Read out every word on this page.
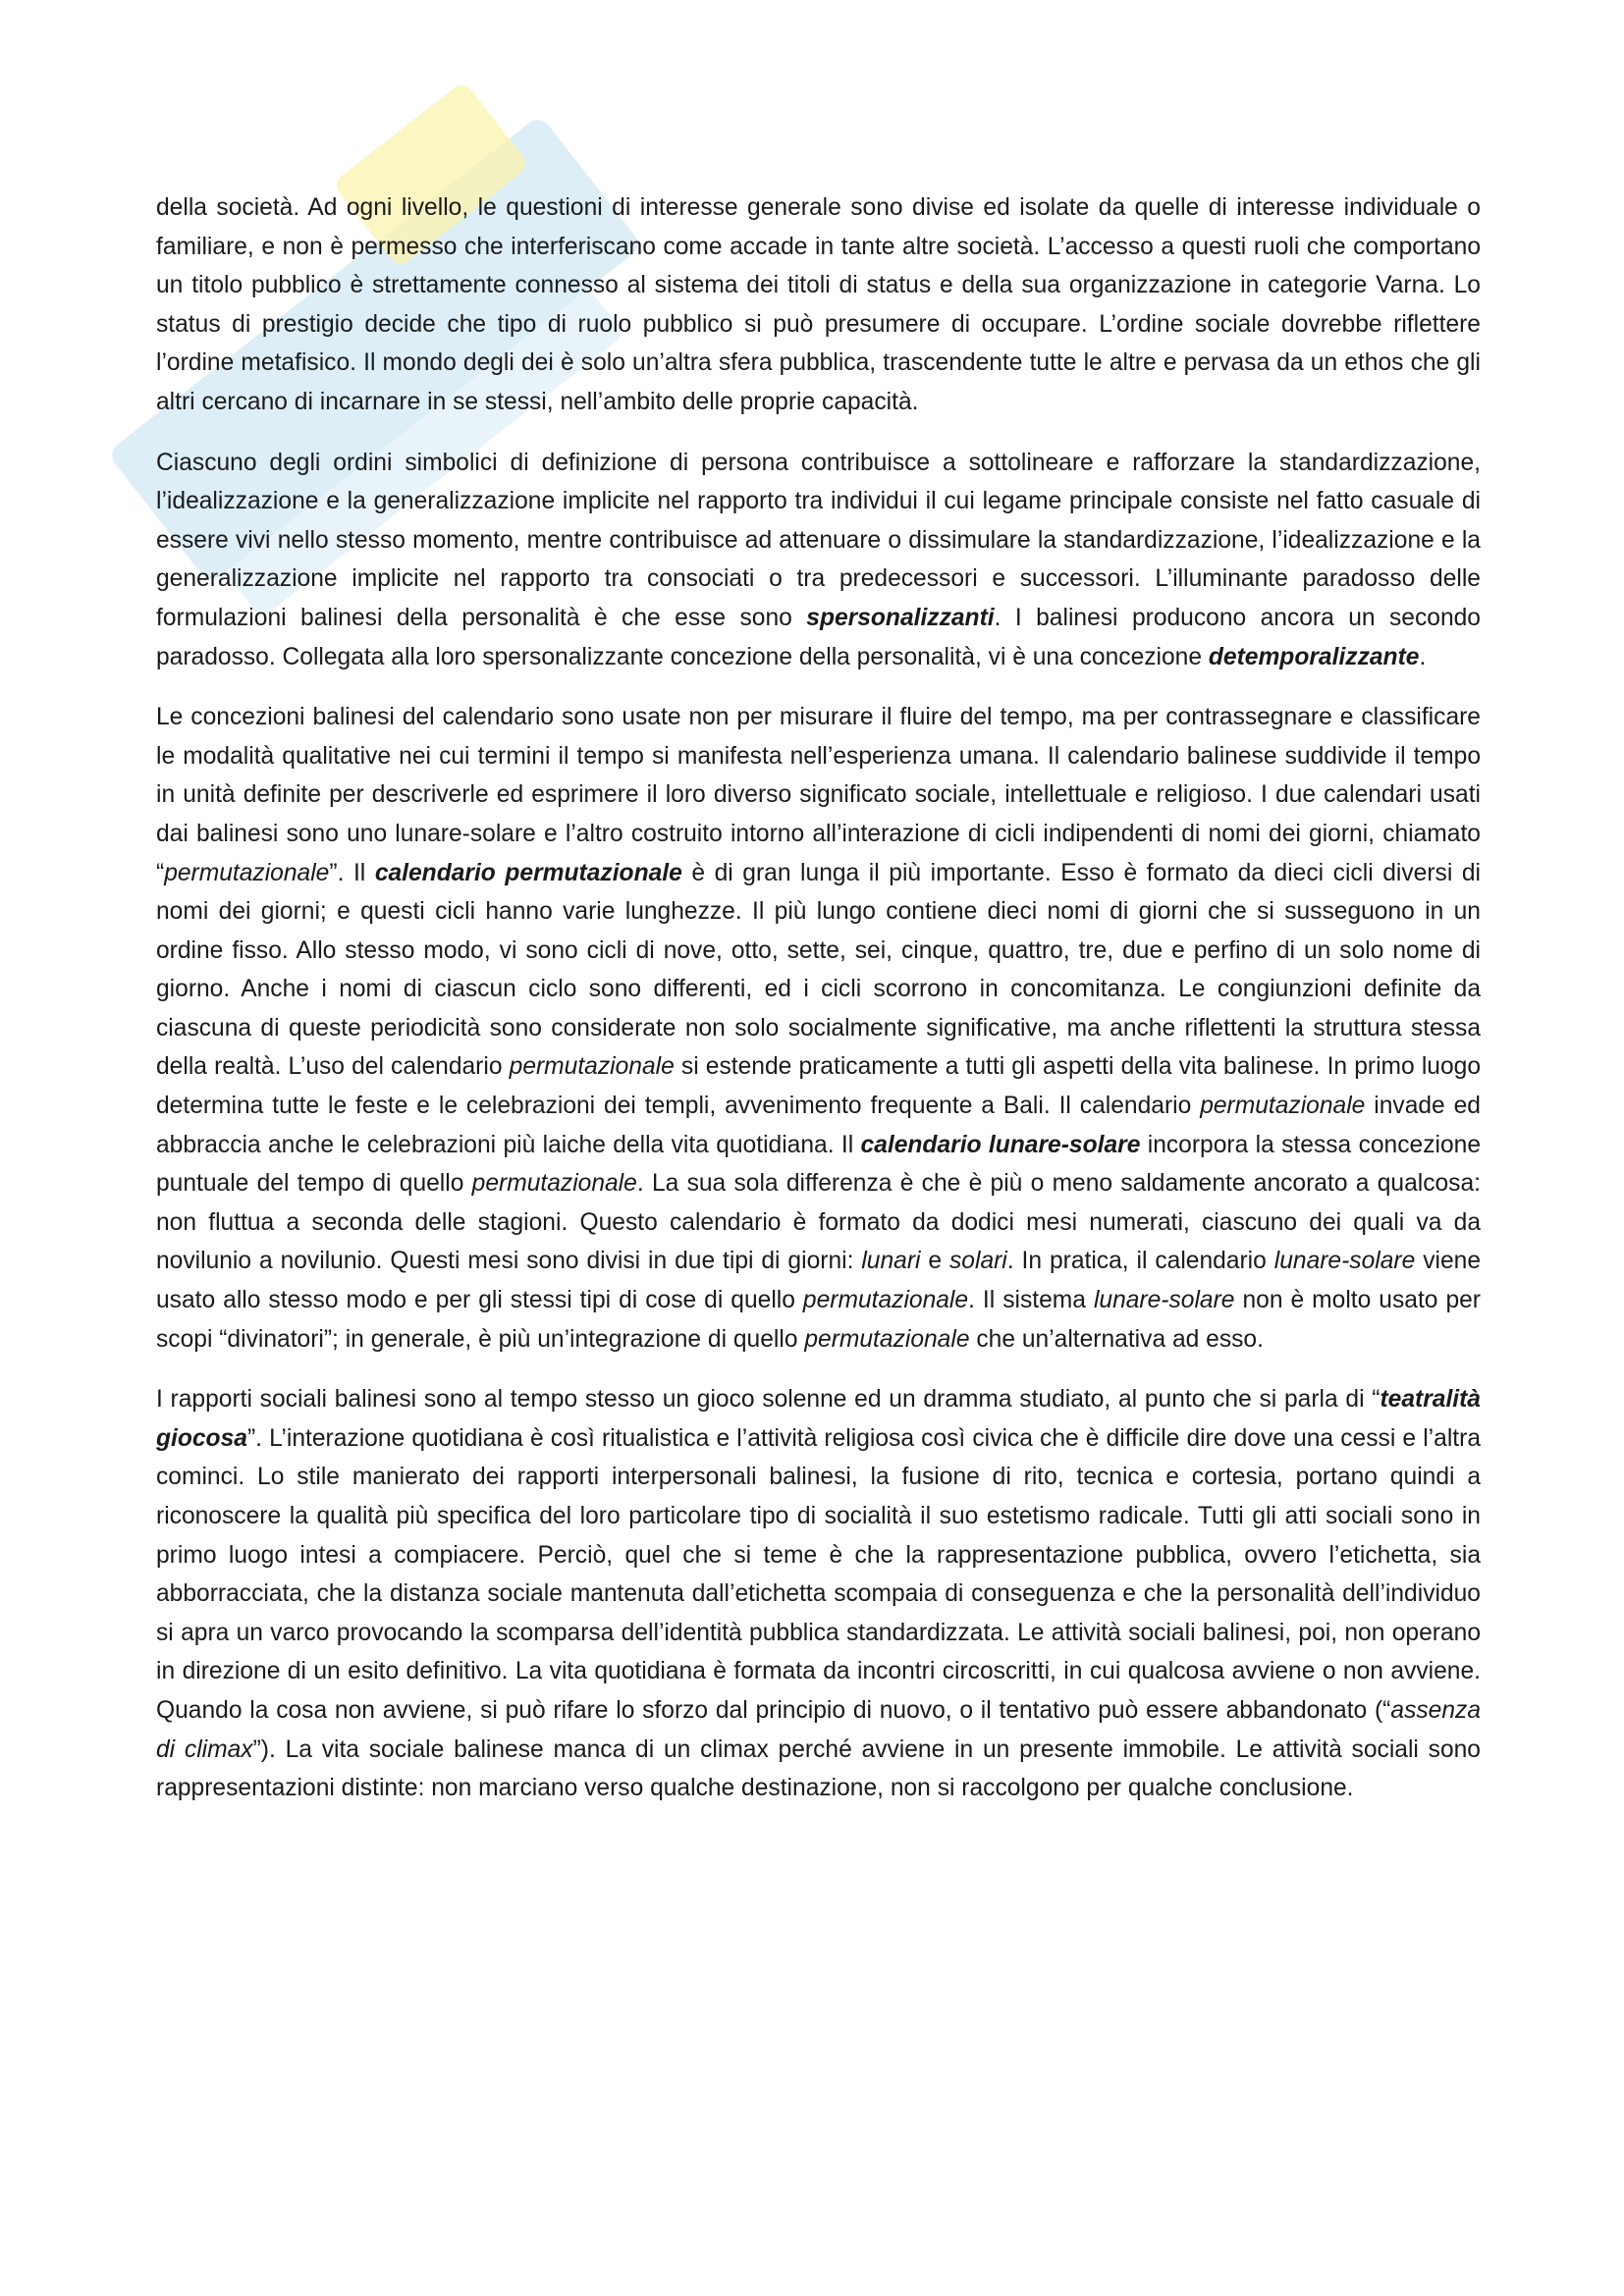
della società. Ad ogni livello, le questioni di interesse generale sono divise ed isolate da quelle di interesse individuale o familiare, e non è permesso che interferiscano come accade in tante altre società. L’accesso a questi ruoli che comportano un titolo pubblico è strettamente connesso al sistema dei titoli di status e della sua organizzazione in categorie Varna. Lo status di prestigio decide che tipo di ruolo pubblico si può presumere di occupare. L’ordine sociale dovrebbe riflettere l’ordine metafisico. Il mondo degli dei è solo un’altra sfera pubblica, trascendente tutte le altre e pervasa da un ethos che gli altri cercano di incarnare in se stessi, nell’ambito delle proprie capacità.

Ciascuno degli ordini simbolici di definizione di persona contribuisce a sottolineare e rafforzare la standardizzazione, l’idealizzazione e la generalizzazione implicite nel rapporto tra individui il cui legame principale consiste nel fatto casuale di essere vivi nello stesso momento, mentre contribuisce ad attenuare o dissimulare la standardizzazione, l’idealizzazione e la generalizzazione implicite nel rapporto tra consociati o tra predecessori e successori. L’illuminante paradosso delle formulazioni balinesi della personalità è che esse sono spersonalizzanti. I balinesi producono ancora un secondo paradosso. Collegata alla loro spersonalizzante concezione della personalità, vi è una concezione detemporalizzante.

Le concezioni balinesi del calendario sono usate non per misurare il fluire del tempo, ma per contrassegnare e classificare le modalità qualitative nei cui termini il tempo si manifesta nell’esperienza umana. Il calendario balinese suddivide il tempo in unità definite per descriverle ed esprimere il loro diverso significato sociale, intellettuale e religioso. I due calendari usati dai balinesi sono uno lunare-solare e l’altro costruito intorno all’interazione di cicli indipendenti di nomi dei giorni, chiamato “permutazionale”. Il calendario permutazionale è di gran lunga il più importante. Esso è formato da dieci cicli diversi di nomi dei giorni; e questi cicli hanno varie lunghezze. Il più lungo contiene dieci nomi di giorni che si susseguono in un ordine fisso. Allo stesso modo, vi sono cicli di nove, otto, sette, sei, cinque, quattro, tre, due e perfino di un solo nome di giorno. Anche i nomi di ciascun ciclo sono differenti, ed i cicli scorrono in concomitanza. Le congiunzioni definite da ciascuna di queste periodicità sono considerate non solo socialmente significative, ma anche riflettenti la struttura stessa della realtà. L’uso del calendario permutazionale si estende praticamente a tutti gli aspetti della vita balinese. In primo luogo determina tutte le feste e le celebrazioni dei templi, avvenimento frequente a Bali. Il calendario permutazionale invade ed abbraccia anche le celebrazioni più laiche della vita quotidiana. Il calendario lunare-solare incorpora la stessa concezione puntuale del tempo di quello permutazionale. La sua sola differenza è che è più o meno saldamente ancorato a qualcosa: non fluttua a seconda delle stagioni. Questo calendario è formato da dodici mesi numerati, ciascuno dei quali va da novilunio a novilunio. Questi mesi sono divisi in due tipi di giorni: lunari e solari. In pratica, il calendario lunare-solare viene usato allo stesso modo e per gli stessi tipi di cose di quello permutazionale. Il sistema lunare-solare non è molto usato per scopi “divinatori”; in generale, è più un’integrazione di quello permutazionale che un’alternativa ad esso.

I rapporti sociali balinesi sono al tempo stesso un gioco solenne ed un dramma studiato, al punto che si parla di “teatralità giocosa”. L’interazione quotidiana è così ritualistica e l’attività religiosa così civica che è difficile dire dove una cessi e l’altra cominci. Lo stile manierato dei rapporti interpersonali balinesi, la fusione di rito, tecnica e cortesia, portano quindi a riconoscere la qualità più specifica del loro particolare tipo di socialità il suo estetismo radicale. Tutti gli atti sociali sono in primo luogo intesi a compiacere. Perciò, quel che si teme è che la rappresentazione pubblica, ovvero l’etichetta, sia abborracciata, che la distanza sociale mantenuta dall’etichetta scompaia di conseguenza e che la personalità dell’individuo si apra un varco provocando la scomparsa dell’identità pubblica standardizzata. Le attività sociali balinesi, poi, non operano in direzione di un esito definitivo. La vita quotidiana è formata da incontri circoscritti, in cui qualcosa avviene o non avviene. Quando la cosa non avviene, si può rifare lo sforzo dal principio di nuovo, o il tentativo può essere abbandonato (“assenza di climax”). La vita sociale balinese manca di un climax perché avviene in un presente immobile. Le attività sociali sono rappresentazioni distinte: non marciano verso qualche destinazione, non si raccolgono per qualche conclusione.
